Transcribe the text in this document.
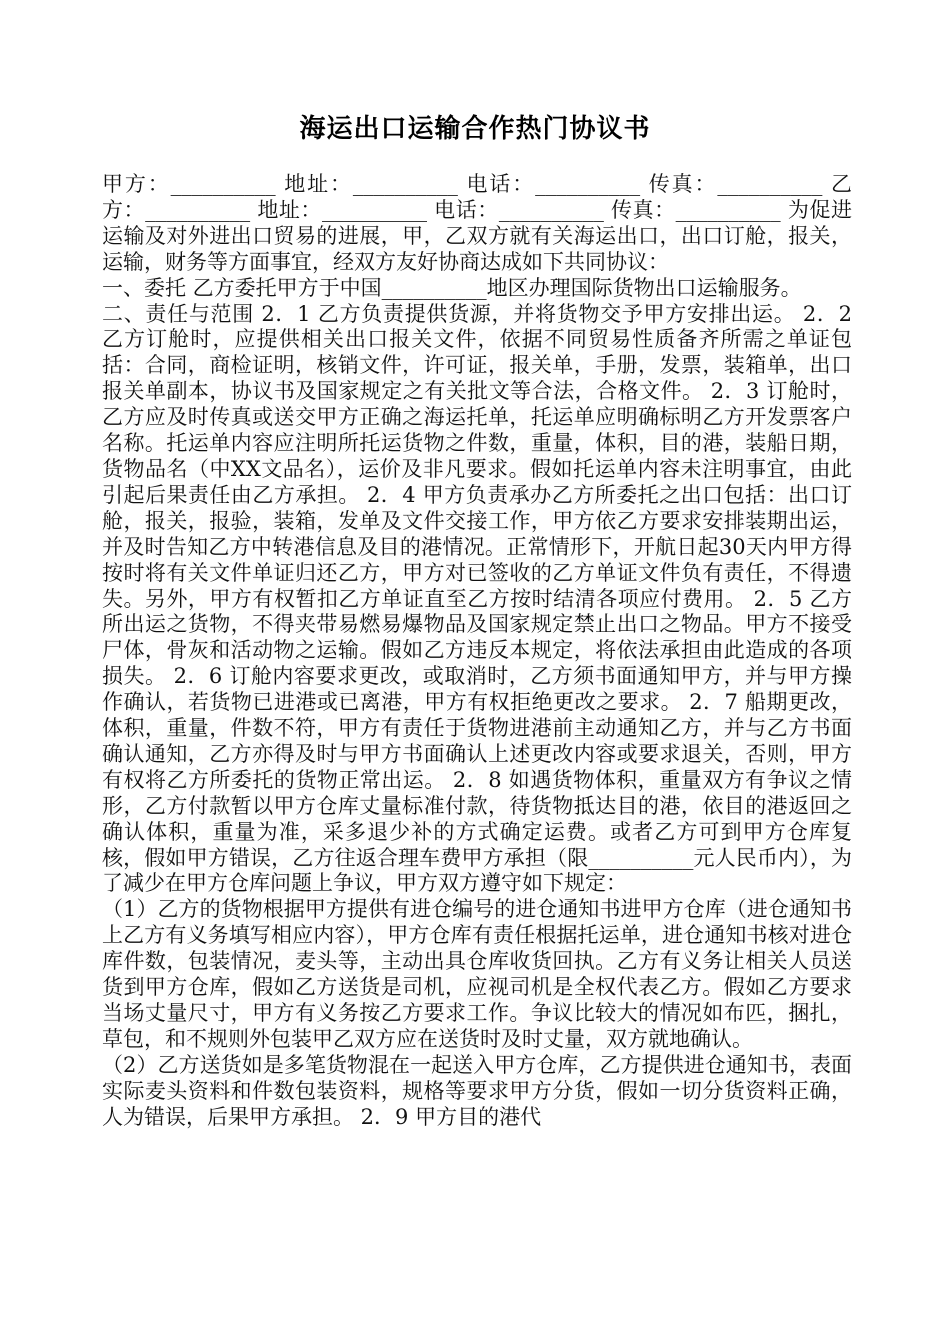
海运出口运输合作热门协议书

甲方：__________ 地址：__________ 电话：__________ 传真：__________ 乙方：__________ 地址：__________ 电话：__________ 传真：__________ 为促进运输及对外进出口贸易的进展，甲，乙双方就有关海运出口，出口订舱，报关，运输，财务等方面事宜，经双方友好协商达成如下共同协议：

一、委托 乙方委托甲方于中国__________地区办理国际货物出口运输服务。

二、责任与范围 2．1 乙方负责提供货源，并将货物交予甲方安排出运。 2．2 乙方订舱时，应提供相关出口报关文件，依据不同贸易性质备齐所需之单证包括：合同，商检证明，核销文件，许可证，报关单，手册，发票，装箱单，出口报关单副本，协议书及国家规定之有关批文等合法，合格文件。 2．3 订舱时，乙方应及时传真或送交甲方正确之海运托单，托运单应明确标明乙方开发票客户名称。托运单内容应注明所托运货物之件数，重量，体积，目的港，装船日期，货物品名（中XX文品名），运价及非凡要求。假如托运单内容未注明事宜，由此引起后果责任由乙方承担。 2．4 甲方负责承办乙方所委托之出口包括：出口订舱，报关，报验，装箱，发单及文件交接工作，甲方依乙方要求安排装期出运，并及时告知乙方中转港信息及目的港情况。正常情形下，开航日起30天内甲方得按时将有关文件单证归还乙方，甲方对已签收的乙方单证文件负有责任，不得遗失。另外，甲方有权暂扣乙方单证直至乙方按时结清各项应付费用。 2．5 乙方所出运之货物，不得夹带易燃易爆物品及国家规定禁止出口之物品。甲方不接受尸体，骨灰和活动物之运输。假如乙方违反本规定，将依法承担由此造成的各项损失。 2．6 订舱内容要求更改，或取消时，乙方须书面通知甲方，并与甲方操作确认，若货物已进港或已离港，甲方有权拒绝更改之要求。 2．7 船期更改，体积，重量，件数不符，甲方有责任于货物进港前主动通知乙方，并与乙方书面确认通知，乙方亦得及时与甲方书面确认上述更改内容或要求退关，否则，甲方有权将乙方所委托的货物正常出运。 2．8 如遇货物体积，重量双方有争议之情形，乙方付款暂以甲方仓库丈量标准付款，待货物抵达目的港，依目的港返回之确认体积，重量为准，采多退少补的方式确定运费。或者乙方可到甲方仓库复核，假如甲方错误，乙方往返合理车费甲方承担（限__________元人民币内），为了减少在甲方仓库问题上争议，甲方双方遵守如下规定：

（1）乙方的货物根据甲方提供有进仓编号的进仓通知书进甲方仓库（进仓通知书上乙方有义务填写相应内容），甲方仓库有责任根据托运单，进仓通知书核对进仓库件数，包装情况，麦头等，主动出具仓库收货回执。乙方有义务让相关人员送货到甲方仓库，假如乙方送货是司机，应视司机是全权代表乙方。假如乙方要求当场丈量尺寸，甲方有义务按乙方要求工作。争议比较大的情况如布匹，捆扎，草包，和不规则外包装甲乙双方应在送货时及时丈量，双方就地确认。

（2）乙方送货如是多笔货物混在一起送入甲方仓库，乙方提供进仓通知书，表面实际麦头资料和件数包装资料，规格等要求甲方分货，假如一切分货资料正确，人为错误，后果甲方承担。 2．9 甲方目的港代
